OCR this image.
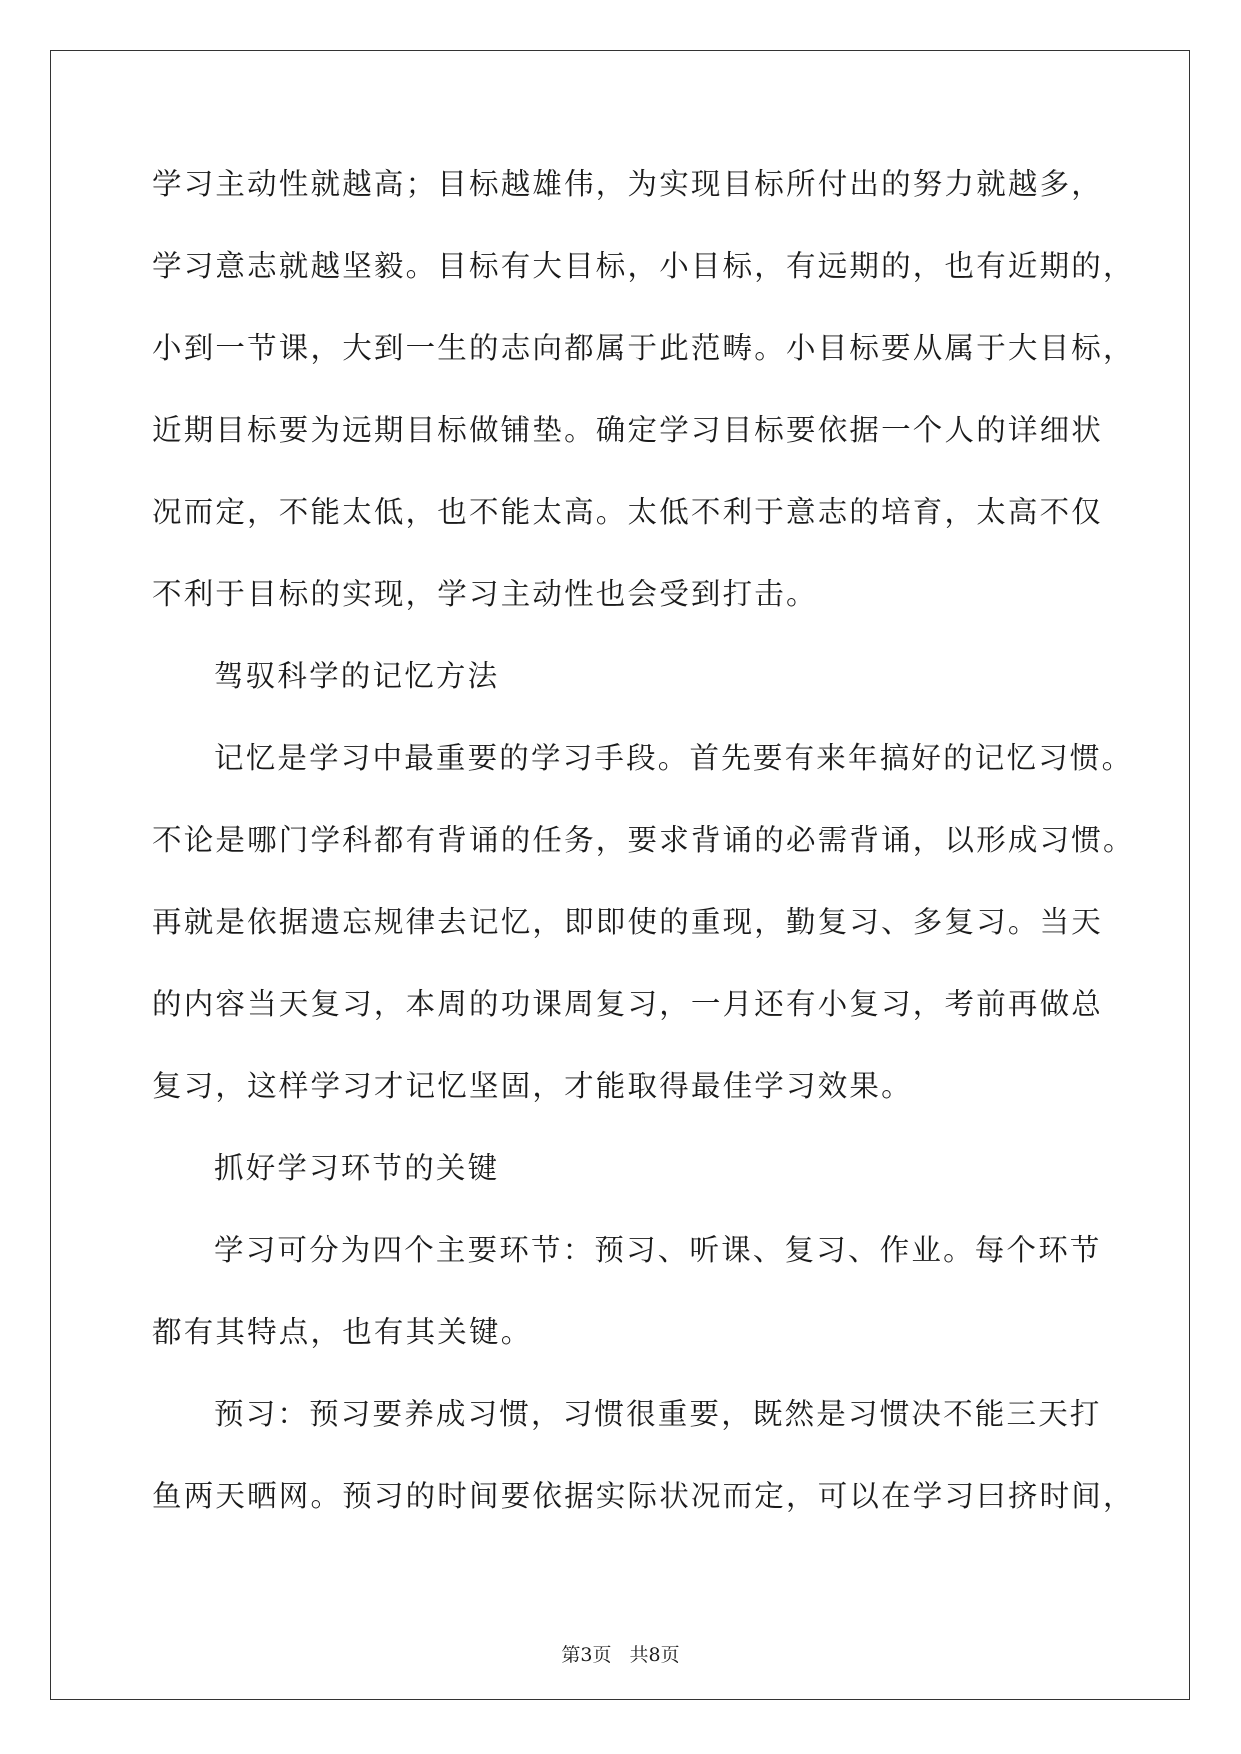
学习主动性就越高；目标越雄伟，为实现目标所付出的努力就越多，
学习意志就越坚毅。目标有大目标，小目标，有远期的，也有近期的，
小到一节课，大到一生的志向都属于此范畴。小目标要从属于大目标，
近期目标要为远期目标做铺垫。确定学习目标要依据一个人的详细状
况而定，不能太低，也不能太高。太低不利于意志的培育，太高不仅
不利于目标的实现，学习主动性也会受到打击。
驾驭科学的记忆方法
记忆是学习中最重要的学习手段。首先要有来年搞好的记忆习惯。
不论是哪门学科都有背诵的任务，要求背诵的必需背诵，以形成习惯。
再就是依据遗忘规律去记忆，即即使的重现，勤复习、多复习。当天
的内容当天复习，本周的功课周复习，一月还有小复习，考前再做总
复习，这样学习才记忆坚固，才能取得最佳学习效果。
抓好学习环节的关键
学习可分为四个主要环节：预习、听课、复习、作业。每个环节
都有其特点，也有其关键。
预习：预习要养成习惯，习惯很重要，既然是习惯决不能三天打
鱼两天晒网。预习的时间要依据实际状况而定，可以在学习曰挤时间，
第3页 共8页
